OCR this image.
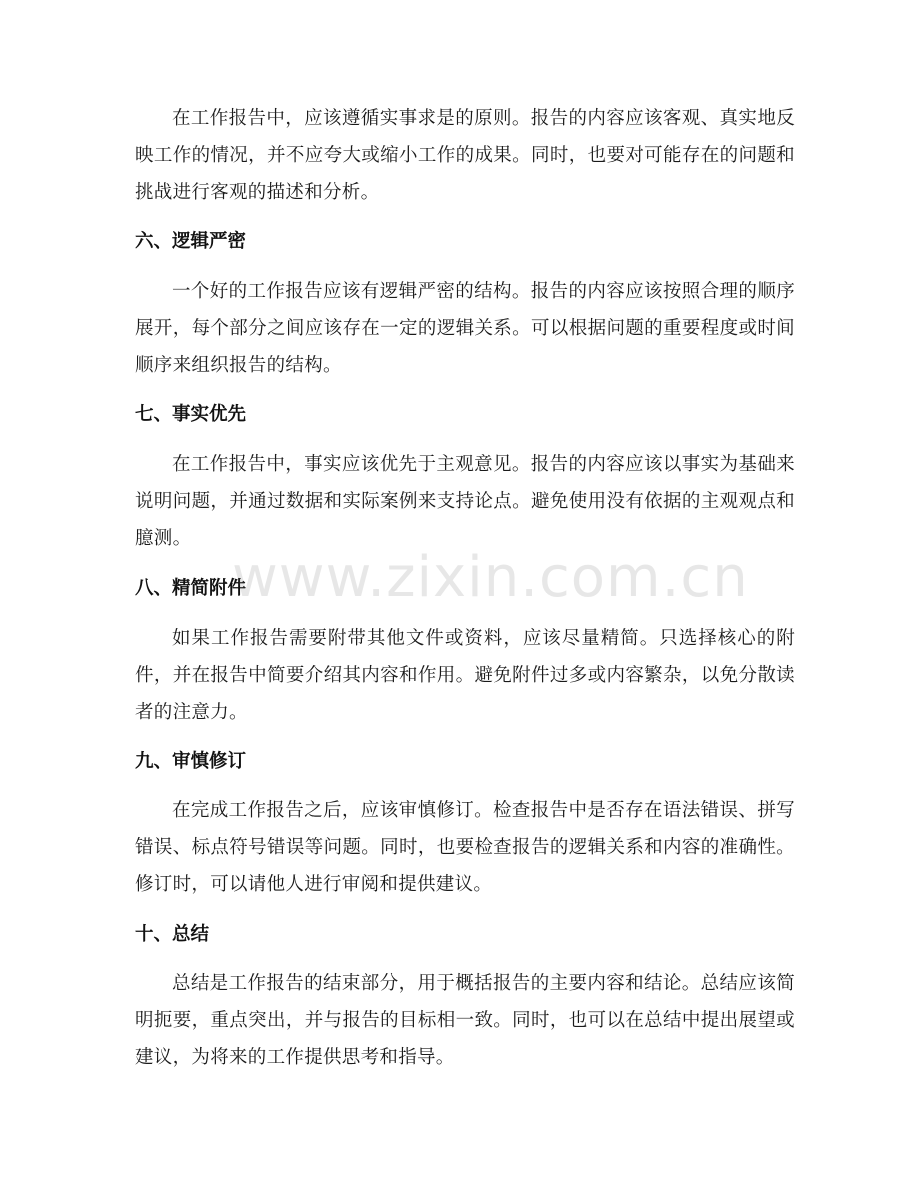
在工作报告中，应该遵循实事求是的原则。报告的内容应该客观、真实地反映工作的情况，并不应夸大或缩小工作的成果。同时，也要对可能存在的问题和挑战进行客观的描述和分析。

六、逻辑严密

一个好的工作报告应该有逻辑严密的结构。报告的内容应该按照合理的顺序展开，每个部分之间应该存在一定的逻辑关系。可以根据问题的重要程度或时间顺序来组织报告的结构。

七、事实优先

在工作报告中，事实应该优先于主观意见。报告的内容应该以事实为基础来说明问题，并通过数据和实际案例来支持论点。避免使用没有依据的主观观点和臆测。

八、精简附件

如果工作报告需要附带其他文件或资料，应该尽量精简。只选择核心的附件，并在报告中简要介绍其内容和作用。避免附件过多或内容繁杂，以免分散读者的注意力。

九、审慎修订

在完成工作报告之后，应该审慎修订。检查报告中是否存在语法错误、拼写错误、标点符号错误等问题。同时，也要检查报告的逻辑关系和内容的准确性。修订时，可以请他人进行审阅和提供建议。

十、总结

总结是工作报告的结束部分，用于概括报告的主要内容和结论。总结应该简明扼要，重点突出，并与报告的目标相一致。同时，也可以在总结中提出展望或建议，为将来的工作提供思考和指导。

www.zixin.com.cn
